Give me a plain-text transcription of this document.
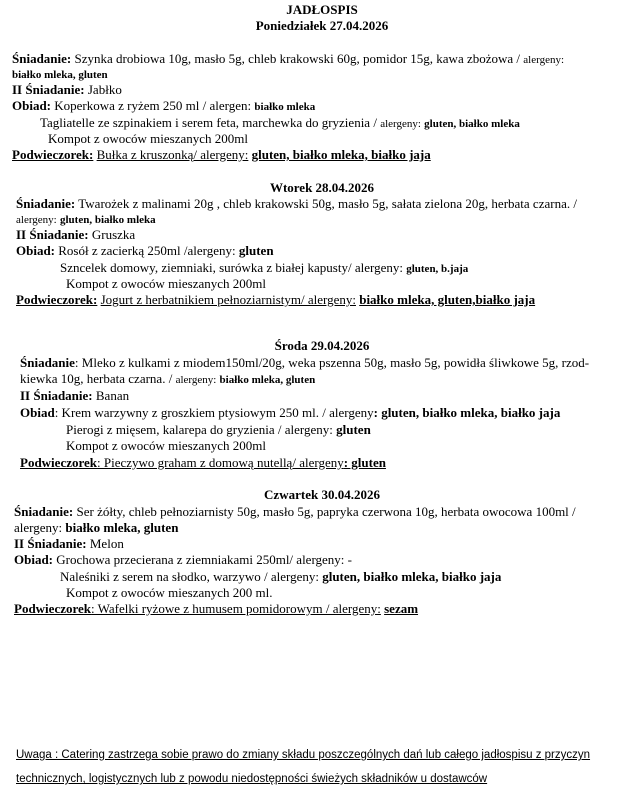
JADŁOSPIS
Poniedziałek 27.04.2026
Śniadanie: Szynka drobiowa 10g, masło 5g, chleb krakowski 60g, pomidor 15g, kawa zbożowa / alergeny:
białko mleka, gluten
II Śniadanie: Jabłko
Obiad: Koperkowa z ryżem 250 ml / alergen: białko mleka
Tagliatelle ze szpinakiem i serem feta, marchewka do gryzienia / alergeny: gluten, białko mleka
Kompot z owoców mieszanych 200ml
Podwieczorek: Bułka z kruszonką/ alergeny: gluten, białko mleka, białko jaja
Wtorek 28.04.2026
Śniadanie: Twarożek z malinami 20g , chleb krakowski 50g, masło 5g, sałata zielona 20g, herbata czarna. /
alergeny: gluten, białko mleka
II Śniadanie: Gruszka
Obiad: Rosół z zacierką 250ml /alergeny: gluten
Szncelek domowy, ziemniaki, surówka z białej kapusty/ alergeny: gluten, b.jaja
Kompot z owoców mieszanych 200ml
Podwieczorek: Jogurt z herbatnikiem pełnoziarnistym/ alergeny: białko mleka, gluten,białko jaja
Środa 29.04.2026
Śniadanie: Mleko z kulkami z miodem150ml/20g, weka pszenna 50g, masło 5g, powidła śliwkowe 5g, rzod-
kiewka 10g, herbata czarna. / alergeny: białko mleka, gluten
II Śniadanie: Banan
Obiad: Krem warzywny z groszkiem ptysiowym 250 ml. / alergeny: gluten, białko mleka, białko jaja
Pierogi z mięsem, kalarepa do gryzienia / alergeny: gluten
Kompot z owoców mieszanych 200ml
Podwieczorek: Pieczywo graham z domową nutellą/ alergeny: gluten
Czwartek 30.04.2026
Śniadanie: Ser żółty, chleb pełnoziarnisty 50g, masło 5g, papryka czerwona 10g, herbata owocowa 100ml /
alergeny: białko mleka, gluten
II Śniadanie: Melon
Obiad: Grochowa przecierana z ziemniakami 250ml/ alergeny: -
Naleśniki z serem na słodko, warzywo / alergeny: gluten, białko mleka, białko jaja
Kompot z owoców mieszanych 200 ml.
Podwieczorek: Wafelki ryżowe z humusem pomidorowym / alergeny: sezam
Uwaga : Catering zastrzega sobie prawo do zmiany składu poszczególnych dań lub całego jadłospisu z przyczyn
technicznych, logistycznych lub z powodu niedostępności świeżych składników u dostawców
